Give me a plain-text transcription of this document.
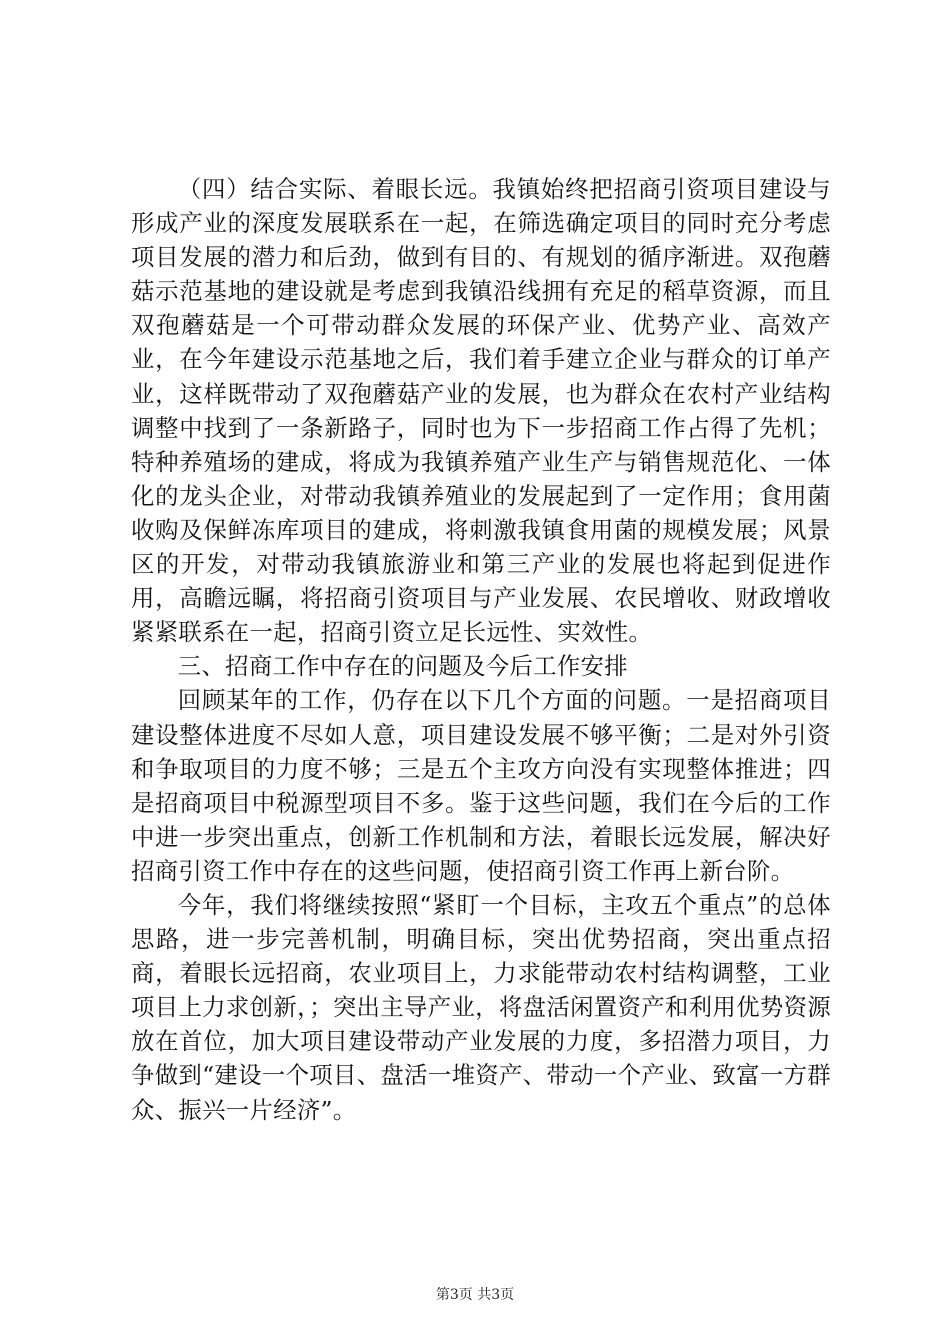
（四）结合实际、着眼长远。我镇始终把招商引资项目建设与形成产业的深度发展联系在一起，在筛选确定项目的同时充分考虑项目发展的潜力和后劲，做到有目的、有规划的循序渐进。双孢蘑菇示范基地的建设就是考虑到我镇沿线拥有充足的稻草资源，而且双孢蘑菇是一个可带动群众发展的环保产业、优势产业、高效产业，在今年建设示范基地之后，我们着手建立企业与群众的订单产业，这样既带动了双孢蘑菇产业的发展，也为群众在农村产业结构调整中找到了一条新路子，同时也为下一步招商工作占得了先机；特种养殖场的建成，将成为我镇养殖产业生产与销售规范化、一体化的龙头企业，对带动我镇养殖业的发展起到了一定作用；食用菌收购及保鲜冻库项目的建成，将刺激我镇食用菌的规模发展；风景区的开发，对带动我镇旅游业和第三产业的发展也将起到促进作用，高瞻远瞩，将招商引资项目与产业发展、农民增收、财政增收紧紧联系在一起，招商引资立足长远性、实效性。

三、招商工作中存在的问题及今后工作安排

回顾某年的工作，仍存在以下几个方面的问题。一是招商项目建设整体进度不尽如人意，项目建设发展不够平衡；二是对外引资和争取项目的力度不够；三是五个主攻方向没有实现整体推进；四是招商项目中税源型项目不多。鉴于这些问题，我们在今后的工作中进一步突出重点，创新工作机制和方法，着眼长远发展，解决好招商引资工作中存在的这些问题，使招商引资工作再上新台阶。

今年，我们将继续按照“紧盯一个目标，主攻五个重点”的总体思路，进一步完善机制，明确目标，突出优势招商，突出重点招商，着眼长远招商，农业项目上，力求能带动农村结构调整，工业项目上力求创新，；突出主导产业，将盘活闲置资产和利用优势资源放在首位，加大项目建设带动产业发展的力度，多招潜力项目，力争做到“建设一个项目、盘活一堆资产、带动一个产业、致富一方群众、振兴一片经济”。

第3页 共3页
